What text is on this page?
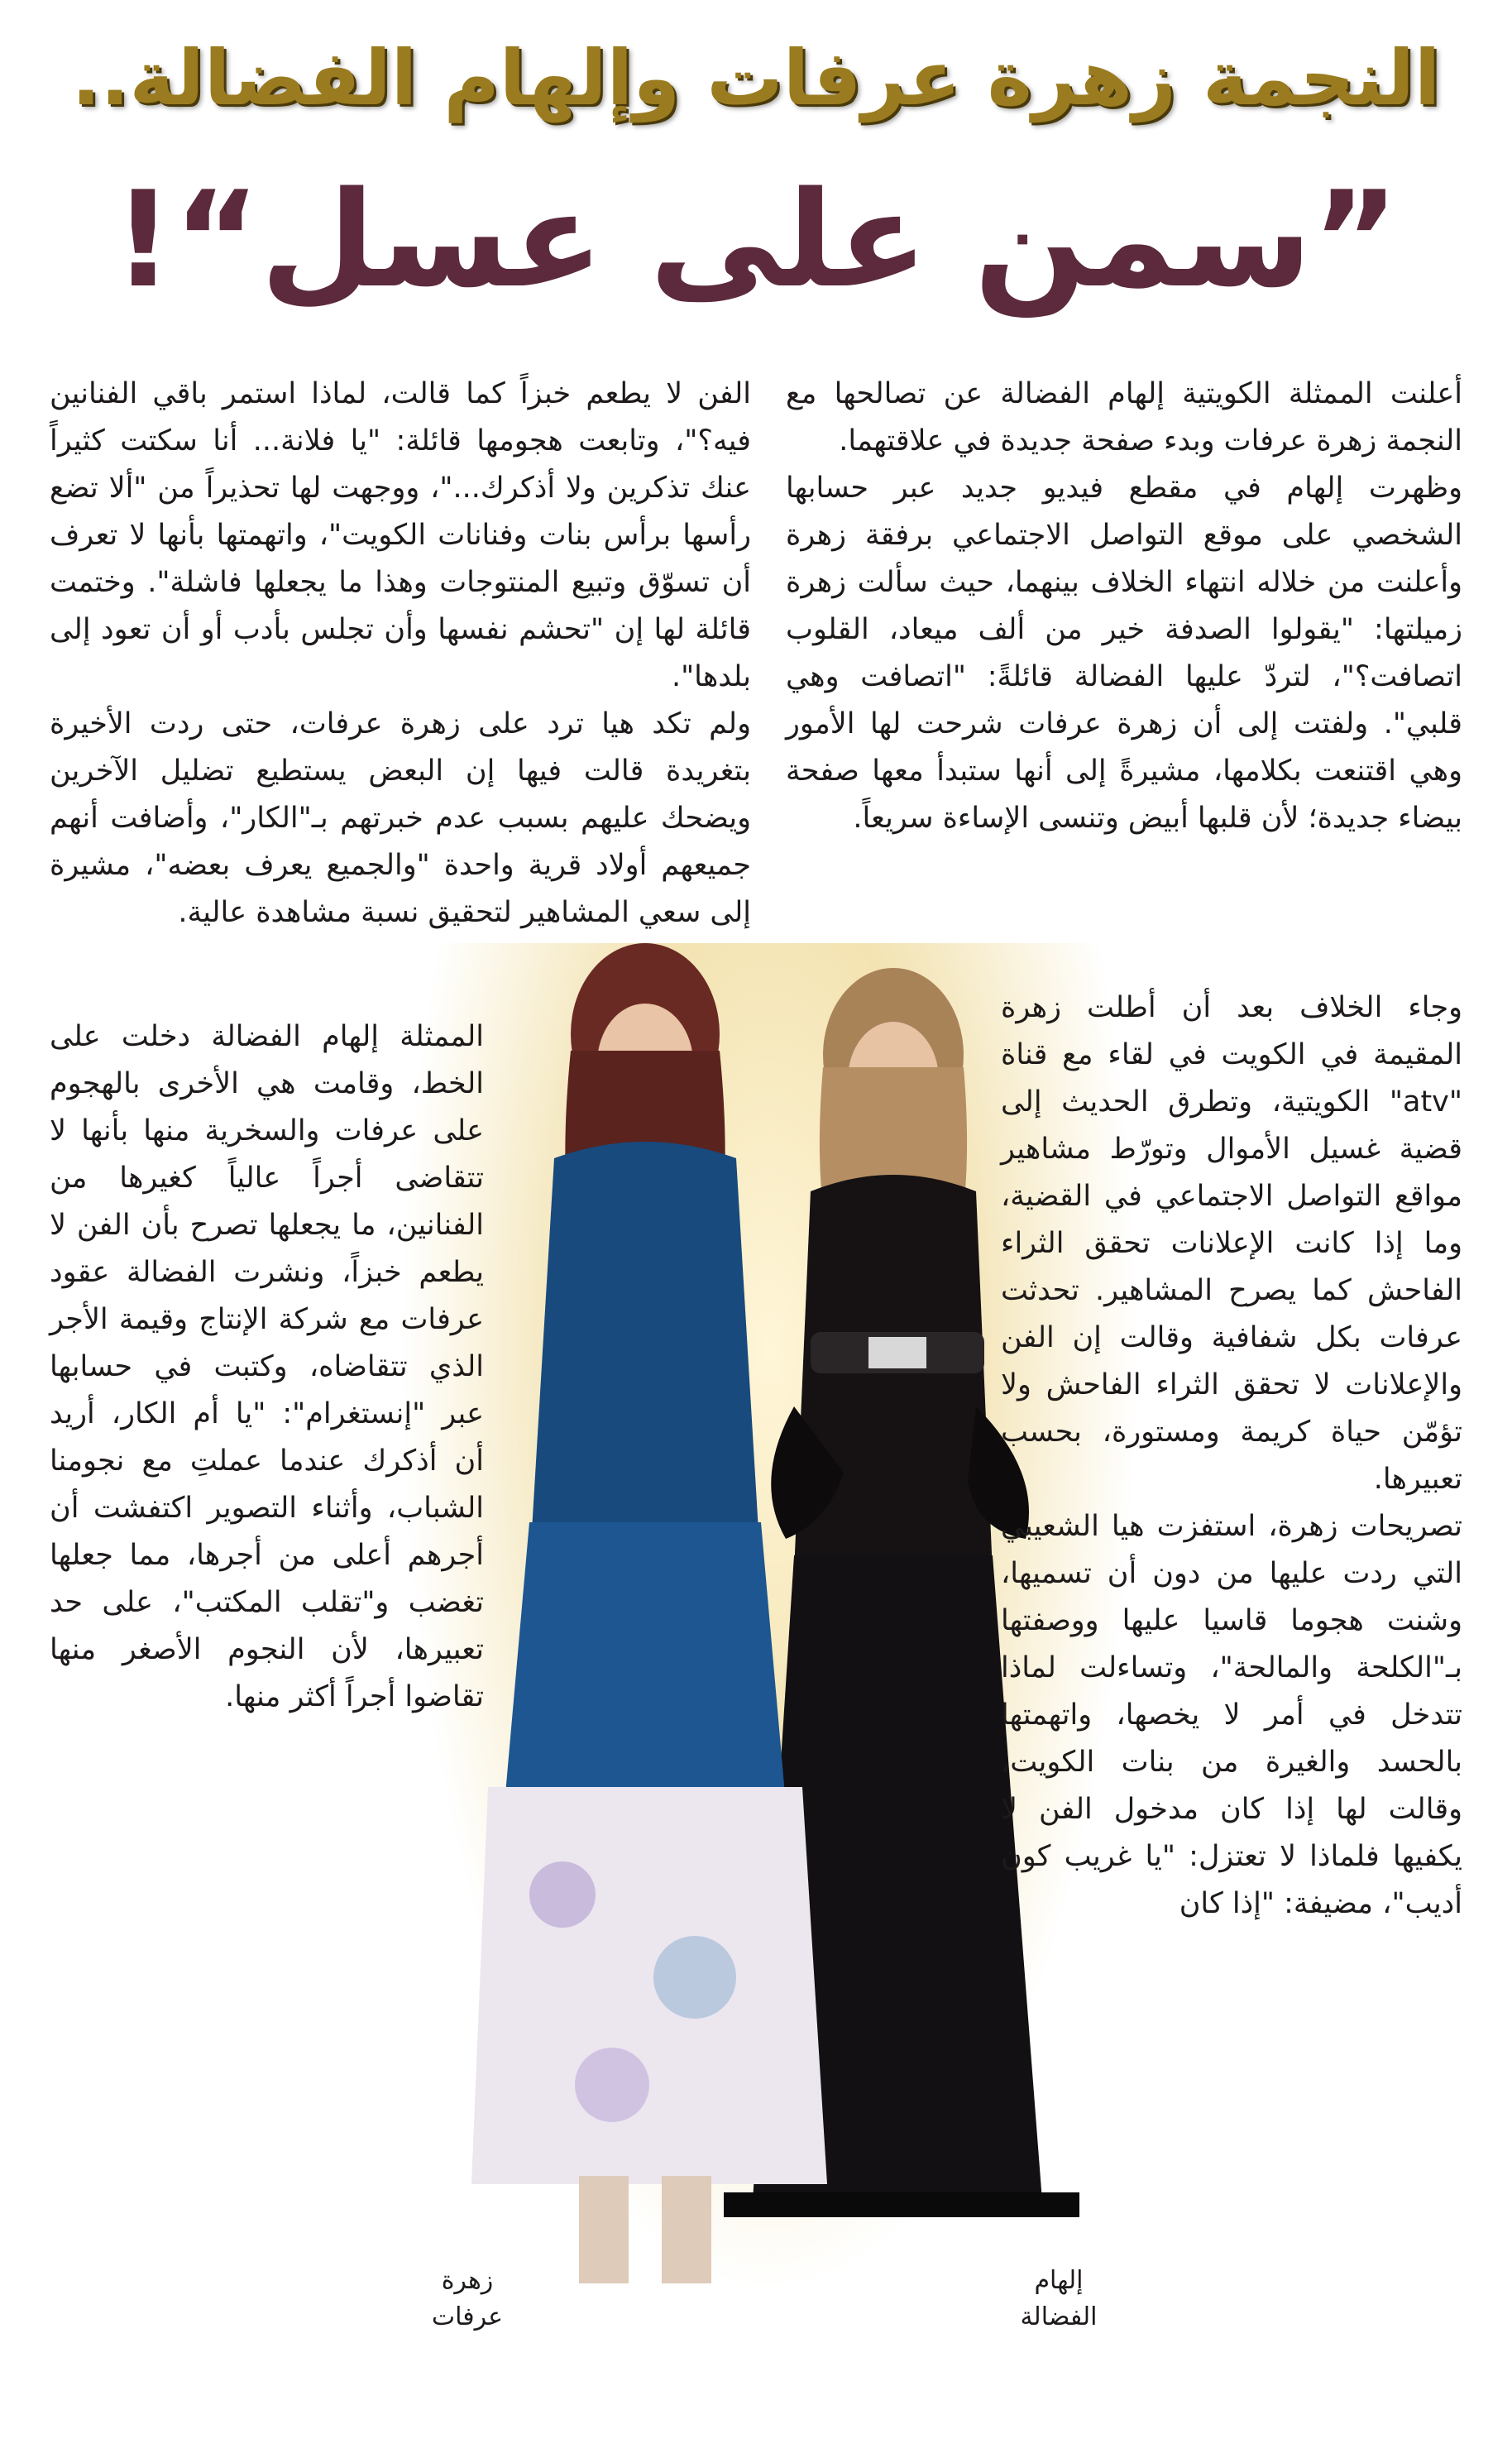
النجمة زهرة عرفات وإلهام الفضالة..
”سمن على عسل“!

أعلنت الممثلة الكويتية إلهام الفضالة عن تصالحها مع النجمة زهرة عرفات وبدء صفحة جديدة في علاقتهما.

وظهرت إلهام في مقطع فيديو جديد عبر حسابها الشخصي على موقع التواصل الاجتماعي برفقة زهرة وأعلنت من خلاله انتهاء الخلاف بينهما، حيث سألت زهرة زميلتها: "يقولوا الصدفة خير من ألف ميعاد، القلوب اتصافت؟"، لتردّ عليها الفضالة قائلةً: "اتصافت وهي قلبي". ولفتت إلى أن زهرة عرفات شرحت لها الأمور وهي اقتنعت بكلامها، مشيرةً إلى أنها ستبدأ معها صفحة بيضاء جديدة؛ لأن قلبها أبيض وتنسى الإساءة سريعاً.

الفن لا يطعم خبزاً كما قالت، لماذا استمر باقي الفنانين فيه؟"، وتابعت هجومها قائلة: "يا فلانة... أنا سكتت كثيراً عنك تذكرين ولا أذكرك..."، ووجهت لها تحذيراً من "ألا تضع رأسها برأس بنات وفنانات الكويت"، واتهمتها بأنها لا تعرف أن تسوّق وتبيع المنتوجات وهذا ما يجعلها فاشلة". وختمت قائلة لها إن "تحشم نفسها وأن تجلس بأدب أو أن تعود إلى بلدها".

ولم تكد هيا ترد على زهرة عرفات، حتى ردت الأخيرة بتغريدة قالت فيها إن البعض يستطيع تضليل الآخرين ويضحك عليهم بسبب عدم خبرتهم بـ"الكار"، وأضافت أنهم جميعهم أولاد قرية واحدة "والجميع يعرف بعضه"، مشيرة إلى سعي المشاهير لتحقيق نسبة مشاهدة عالية.

وجاء الخلاف بعد أن أطلت زهرة المقيمة في الكويت في لقاء مع قناة "atv" الكويتية، وتطرق الحديث إلى قضية غسيل الأموال وتورّط مشاهير مواقع التواصل الاجتماعي في القضية، وما إذا كانت الإعلانات تحقق الثراء الفاحش كما يصرح المشاهير. تحدثت عرفات بكل شفافية وقالت إن الفن والإعلانات لا تحقق الثراء الفاحش ولا تؤمّن حياة كريمة ومستورة، بحسب تعبيرها.

تصريحات زهرة، استفزت هيا الشعيبي التي ردت عليها من دون أن تسميها، وشنت هجوما قاسيا عليها ووصفتها بـ"الكلحة والمالحة"، وتساءلت لماذا تتدخل في أمر لا يخصها، واتهمتها بالحسد والغيرة من بنات الكويت، وقالت لها إذا كان مدخول الفن لا يكفيها فلماذا لا تعتزل: "يا غريب كون أديب"، مضيفة: "إذا كان

الممثلة إلهام الفضالة دخلت على الخط، وقامت هي الأخرى بالهجوم على عرفات والسخرية منها بأنها لا تتقاضى أجراً عالياً كغيرها من الفنانين، ما يجعلها تصرح بأن الفن لا يطعم خبزاً، ونشرت الفضالة عقود عرفات مع شركة الإنتاج وقيمة الأجر الذي تتقاضاه، وكتبت في حسابها عبر "إنستغرام": "يا أم الكار، أريد أن أذكرك عندما عملتِ مع نجومنا الشباب، وأثناء التصوير اكتفشت أن أجرهم أعلى من أجرها، مما جعلها تغضب و"تقلب المكتب"، على حد تعبيرها، لأن النجوم الأصغر منها تقاضوا أجراً أكثر منها.

زهرة عرفات
إلهام الفضالة
